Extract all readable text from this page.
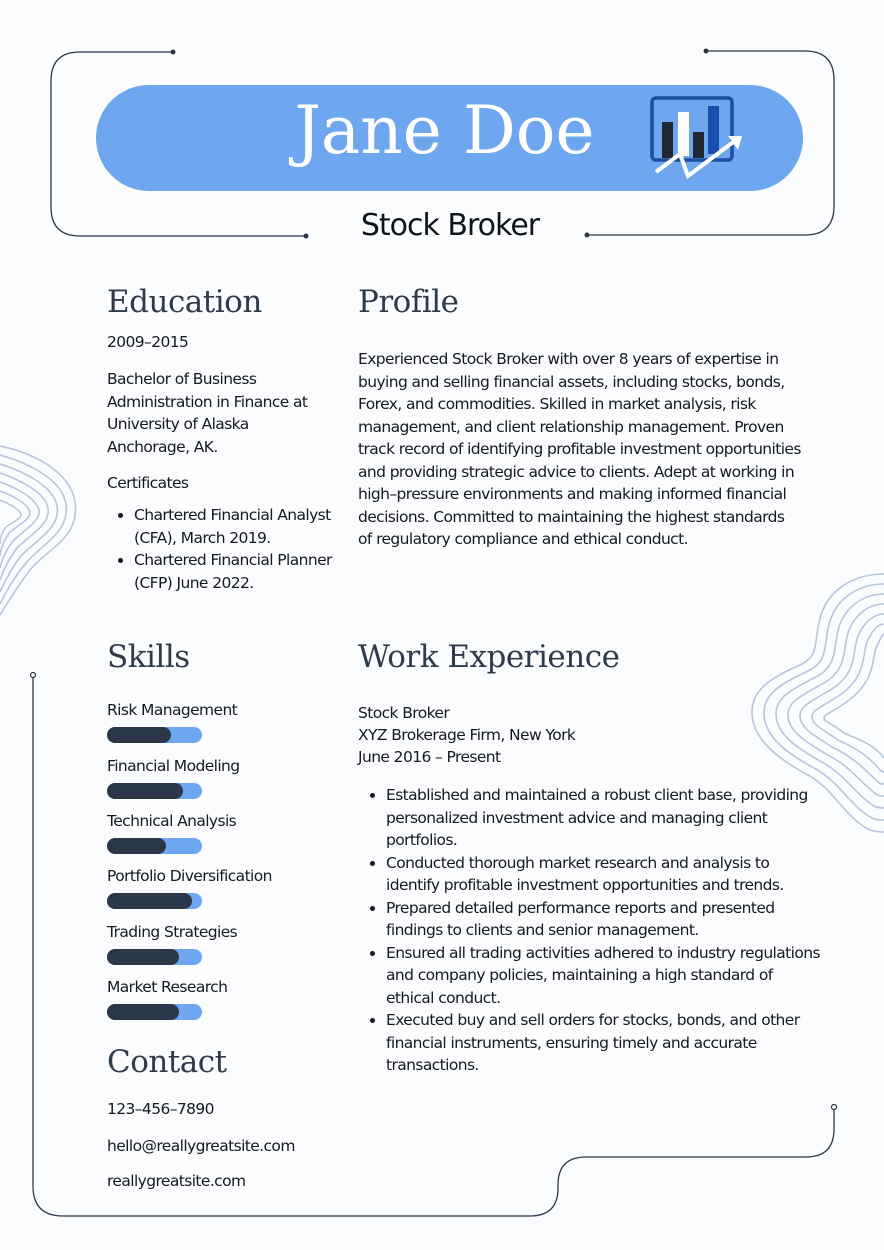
Jane Doe
Stock Broker
Education
2009–2015
Bachelor of Business Administration in Finance at University of Alaska Anchorage, AK.
Certificates
• Chartered Financial Analyst (CFA), March 2019.
• Chartered Financial Planner (CFP) June 2022.
Profile
Experienced Stock Broker with over 8 years of expertise in buying and selling financial assets, including stocks, bonds, Forex, and commodities. Skilled in market analysis, risk management, and client relationship management. Proven track record of identifying profitable investment opportunities and providing strategic advice to clients. Adept at working in high–pressure environments and making informed financial decisions. Committed to maintaining the highest standards of regulatory compliance and ethical conduct.
Skills
Risk Management
Financial Modeling
Technical Analysis
Portfolio Diversification
Trading Strategies
Market Research
Work Experience
Stock Broker
XYZ Brokerage Firm, New York
June 2016 – Present
• Established and maintained a robust client base, providing personalized investment advice and managing client portfolios.
• Conducted thorough market research and analysis to identify profitable investment opportunities and trends.
• Prepared detailed performance reports and presented findings to clients and senior management.
• Ensured all trading activities adhered to industry regulations and company policies, maintaining a high standard of ethical conduct.
• Executed buy and sell orders for stocks, bonds, and other financial instruments, ensuring timely and accurate transactions.
Contact
123–456–7890
hello@reallygreatsite.com
reallygreatsite.com
